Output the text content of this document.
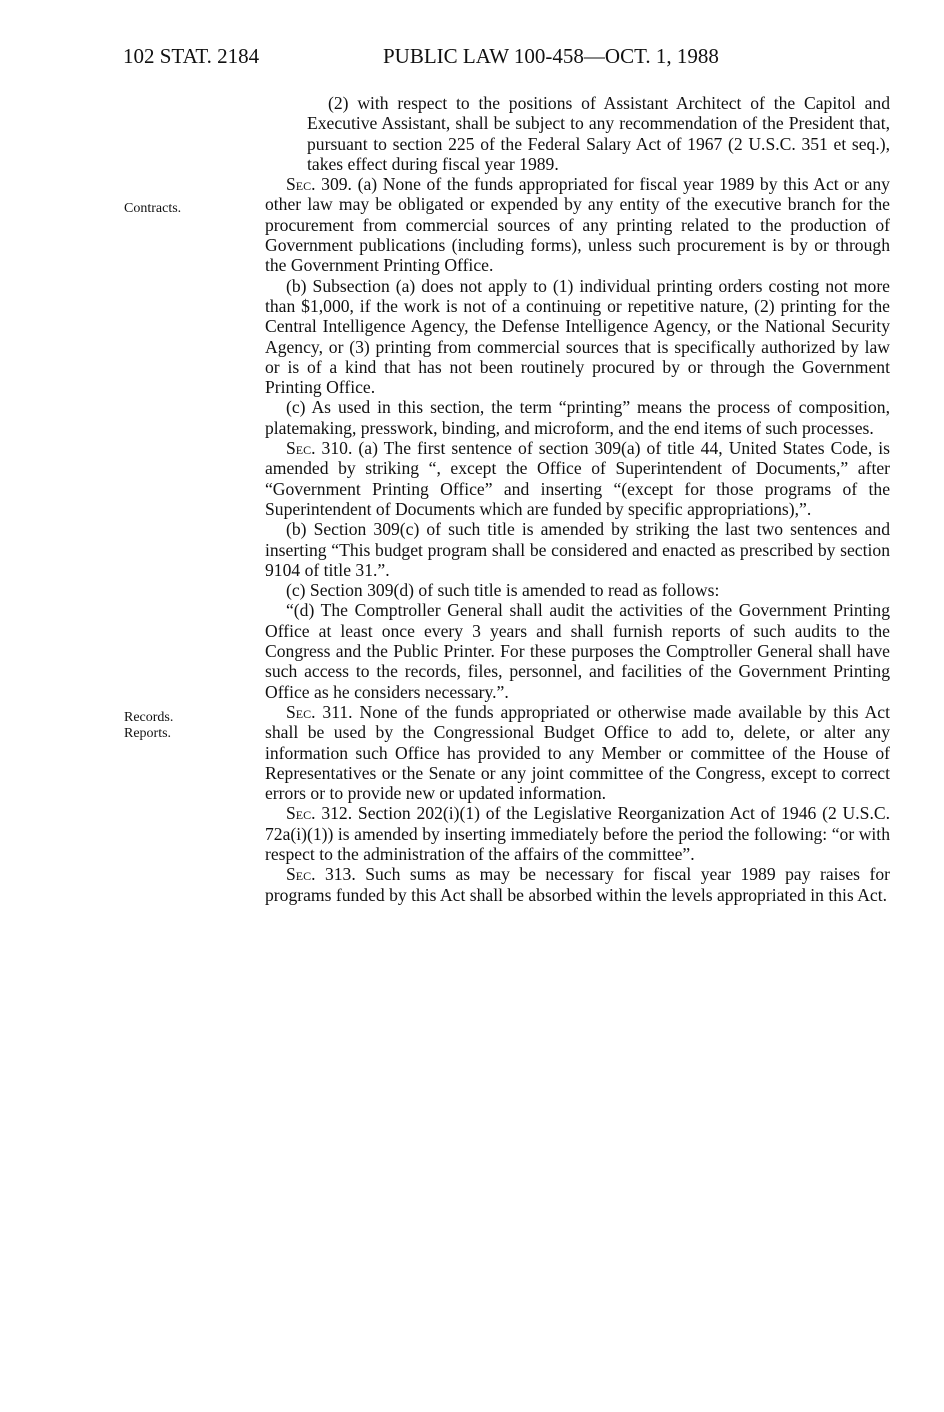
102 STAT. 2184	PUBLIC LAW 100-458—OCT. 1, 1988
Contracts.
Records.
Reports.

(2) with respect to the positions of Assistant Architect of the Capitol and Executive Assistant, shall be subject to any recommendation of the President that, pursuant to section 225 of the Federal Salary Act of 1967 (2 U.S.C. 351 et seq.), takes effect during fiscal year 1989.

Sec. 309. (a) None of the funds appropriated for fiscal year 1989 by this Act or any other law may be obligated or expended by any entity of the executive branch for the procurement from commercial sources of any printing related to the production of Government publications (including forms), unless such procurement is by or through the Government Printing Office.

(b) Subsection (a) does not apply to (1) individual printing orders costing not more than $1,000, if the work is not of a continuing or repetitive nature, (2) printing for the Central Intelligence Agency, the Defense Intelligence Agency, or the National Security Agency, or (3) printing from commercial sources that is specifically authorized by law or is of a kind that has not been routinely procured by or through the Government Printing Office.

(c) As used in this section, the term “printing” means the process of composition, platemaking, presswork, binding, and microform, and the end items of such processes.

Sec. 310. (a) The first sentence of section 309(a) of title 44, United States Code, is amended by striking “, except the Office of Superintendent of Documents,” after “Government Printing Office” and inserting “(except for those programs of the Superintendent of Documents which are funded by specific appropriations),”.

(b) Section 309(c) of such title is amended by striking the last two sentences and inserting “This budget program shall be considered and enacted as prescribed by section 9104 of title 31.”.

(c) Section 309(d) of such title is amended to read as follows:

“(d) The Comptroller General shall audit the activities of the Government Printing Office at least once every 3 years and shall furnish reports of such audits to the Congress and the Public Printer. For these purposes the Comptroller General shall have such access to the records, files, personnel, and facilities of the Government Printing Office as he considers necessary.”.

Sec. 311. None of the funds appropriated or otherwise made available by this Act shall be used by the Congressional Budget Office to add to, delete, or alter any information such Office has provided to any Member or committee of the House of Representatives or the Senate or any joint committee of the Congress, except to correct errors or to provide new or updated information.

Sec. 312. Section 202(i)(1) of the Legislative Reorganization Act of 1946 (2 U.S.C. 72a(i)(1)) is amended by inserting immediately before the period the following: “or with respect to the administration of the affairs of the committee”.

Sec. 313. Such sums as may be necessary for fiscal year 1989 pay raises for programs funded by this Act shall be absorbed within the levels appropriated in this Act.
